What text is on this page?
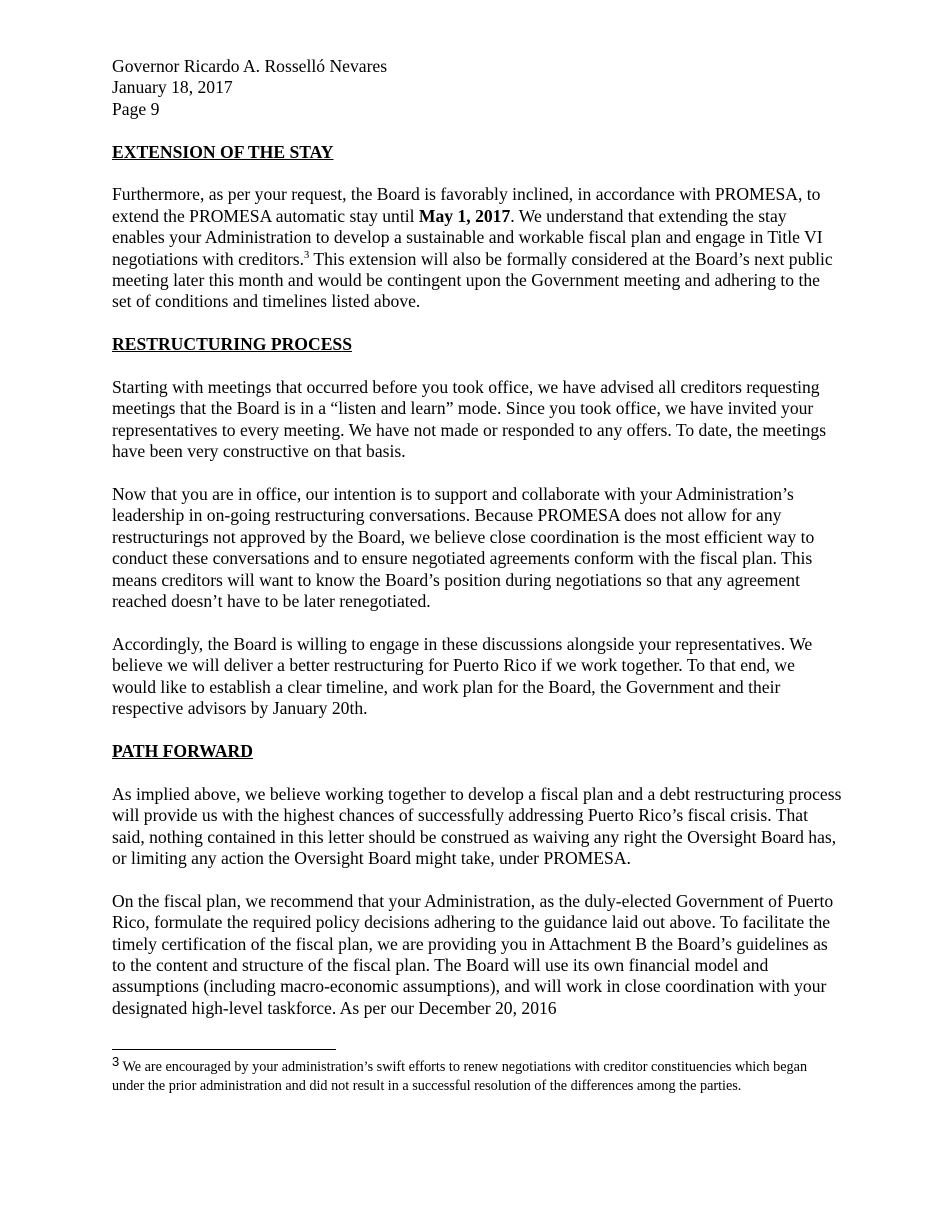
Governor Ricardo A. Rosselló Nevares

January 18, 2017

Page 9

EXTENSION OF THE STAY

Furthermore, as per your request, the Board is favorably inclined, in accordance with PROMESA, to extend the PROMESA automatic stay until May 1, 2017. We understand that extending the stay enables your Administration to develop a sustainable and workable fiscal plan and engage in Title VI negotiations with creditors.$^3$ This extension will also be formally considered at the Board’s next public meeting later this month and would be contingent upon the Government meeting and adhering to the set of conditions and timelines listed above.

RESTRUCTURING PROCESS

Starting with meetings that occurred before you took office, we have advised all creditors requesting meetings that the Board is in a “listen and learn” mode. Since you took office, we have invited your representatives to every meeting. We have not made or responded to any offers. To date, the meetings have been very constructive on that basis.

Now that you are in office, our intention is to support and collaborate with your Administration’s leadership in on-going restructuring conversations. Because PROMESA does not allow for any restructurings not approved by the Board, we believe close coordination is the most efficient way to conduct these conversations and to ensure negotiated agreements conform with the fiscal plan. This means creditors will want to know the Board’s position during negotiations so that any agreement reached doesn’t have to be later renegotiated.

Accordingly, the Board is willing to engage in these discussions alongside your representatives. We believe we will deliver a better restructuring for Puerto Rico if we work together. To that end, we would like to establish a clear timeline, and work plan for the Board, the Government and their respective advisors by January 20th.

PATH FORWARD

As implied above, we believe working together to develop a fiscal plan and a debt restructuring process will provide us with the highest chances of successfully addressing Puerto Rico’s fiscal crisis. That said, nothing contained in this letter should be construed as waiving any right the Oversight Board has, or limiting any action the Oversight Board might take, under PROMESA.

On the fiscal plan, we recommend that your Administration, as the duly-elected Government of Puerto Rico, formulate the required policy decisions adhering to the guidance laid out above. To facilitate the timely certification of the fiscal plan, we are providing you in Attachment B the Board’s guidelines as to the content and structure of the fiscal plan. The Board will use its own financial model and assumptions (including macro-economic assumptions), and will work in close coordination with your designated high-level taskforce. As per our December 20, 2016

$^3$ We are encouraged by your administration’s swift efforts to renew negotiations with creditor constituencies which began under the prior administration and did not result in a successful resolution of the differences among the parties.
